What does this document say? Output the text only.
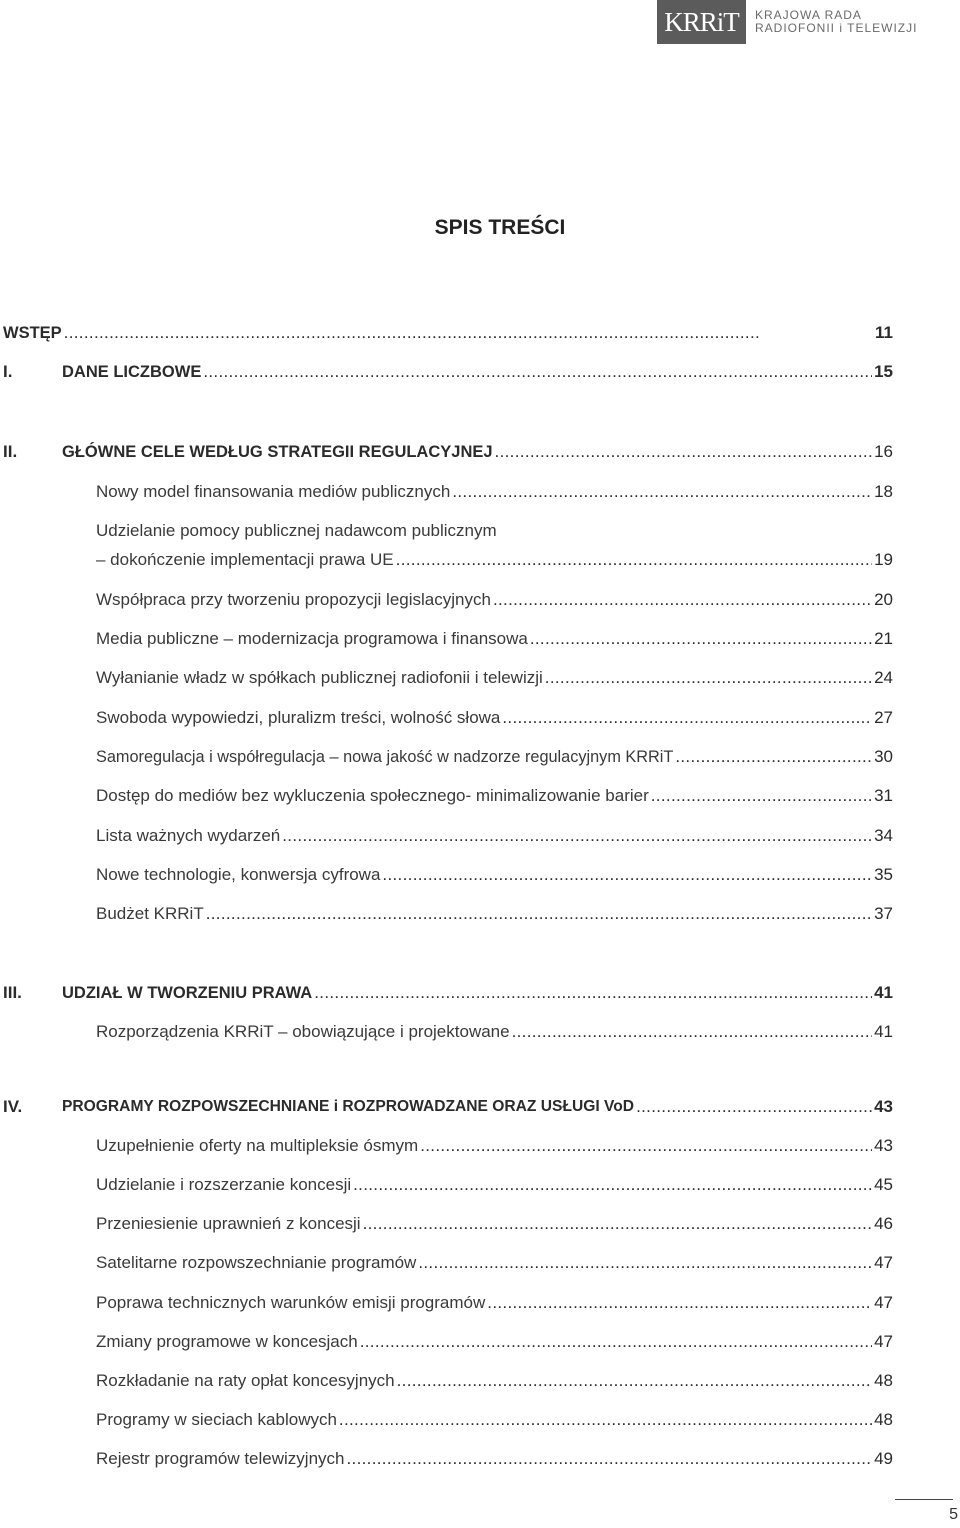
KRRiT	KRAJOWA RADA
RADIOFONII i TELEWIZJI
SPIS TREŚCI
WSTĘP . . .	11
I.	DANE LICZBOWE . . .	15
II.	GŁÓWNE CELE WEDŁUG STRATEGII REGULACYJNEJ . . .	16
Nowy model finansowania mediów publicznych . . .	18
Udzielanie pomocy publicznej nadawcom publicznym
– dokończenie implementacji prawa UE . . .	19
Współpraca przy tworzeniu propozycji legislacyjnych . . .	20
Media publiczne – modernizacja programowa i finansowa . . .	21
Wyłanianie władz w spółkach publicznej radiofonii i telewizji . . .	24
Swoboda wypowiedzi, pluralizm treści, wolność słowa . . .	27
Samoregulacja i współregulacja – nowa jakość w nadzorze regulacyjnym KRRiT . . .	30
Dostęp do mediów bez wykluczenia społecznego- minimalizowanie barier . . .	31
Lista ważnych wydarzeń . . .	34
Nowe technologie, konwersja cyfrowa . . .	35
Budżet KRRiT . . .	37
III. UDZIAŁ W TWORZENIU PRAWA . . .	41
Rozporządzenia KRRiT – obowiązujące i projektowane . . .	41
IV.	PROGRAMY ROZPOWSZECHNIANE i ROZPROWADZANE ORAZ USŁUGI VoD . . .	43
Uzupełnienie oferty na multipleksie ósmym . . .	43
Udzielanie i rozszerzanie koncesji . . .	45
Przeniesienie uprawnień z koncesji . . .	46
Satelitarne rozpowszechnianie programów . . .	47
Poprawa technicznych warunków emisji programów . . .	47
Zmiany programowe w koncesjach . . .	47
Rozkładanie na raty opłat koncesyjnych . . .	48
Programy w sieciach kablowych . . .	48
Rejestr programów telewizyjnych . . .	49
5
